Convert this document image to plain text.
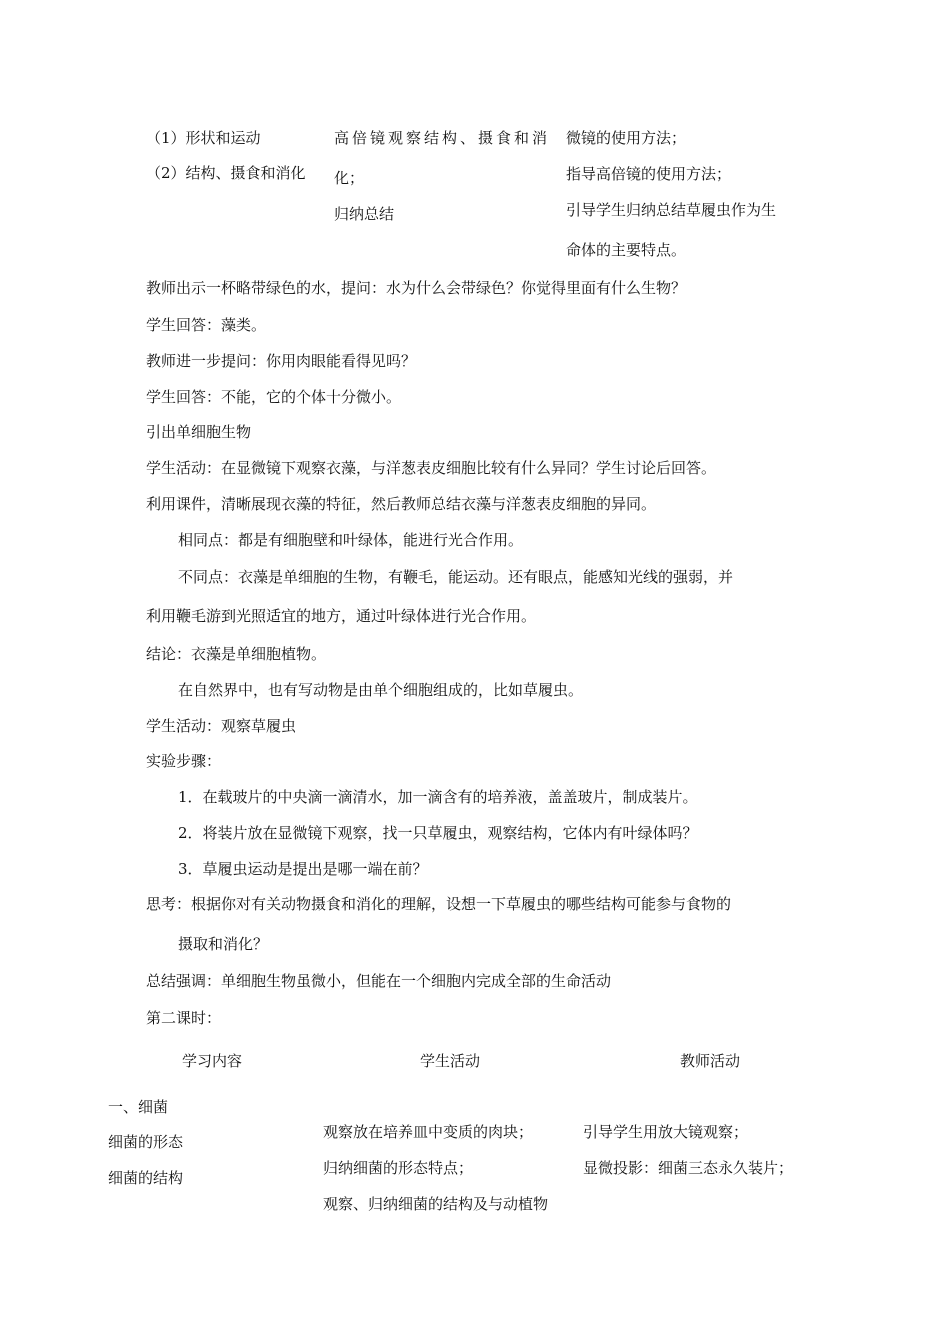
（1）形状和运动
（2）结构、摄食和消化
高倍镜观察结构、摄食和消
化；
归纳总结
微镜的使用方法；
指导高倍镜的使用方法；
引导学生归纳总结草履虫作为生
命体的主要特点。
教师出示一杯略带绿色的水，提问：水为什么会带绿色？你觉得里面有什么生物？
学生回答：藻类。
教师进一步提问：你用肉眼能看得见吗？
学生回答：不能，它的个体十分微小。
引出单细胞生物
学生活动：在显微镜下观察衣藻，与洋葱表皮细胞比较有什么异同？学生讨论后回答。
利用课件，清晰展现衣藻的特征，然后教师总结衣藻与洋葱表皮细胞的异同。
相同点：都是有细胞壁和叶绿体，能进行光合作用。
不同点：衣藻是单细胞的生物，有鞭毛，能运动。还有眼点，能感知光线的强弱，并
利用鞭毛游到光照适宜的地方，通过叶绿体进行光合作用。
结论：衣藻是单细胞植物。
在自然界中，也有写动物是由单个细胞组成的，比如草履虫。
学生活动：观察草履虫
实验步骤：
1．在载玻片的中央滴一滴清水，加一滴含有的培养液，盖盖玻片，制成装片。
2．将装片放在显微镜下观察，找一只草履虫，观察结构，它体内有叶绿体吗？
3．草履虫运动是提出是哪一端在前？
思考：根据你对有关动物摄食和消化的理解，设想一下草履虫的哪些结构可能参与食物的
摄取和消化？
总结强调：单细胞生物虽微小，但能在一个细胞内完成全部的生命活动
第二课时：
学习内容	学生活动	教师活动
一、细菌
细菌的形态
细菌的结构
观察放在培养皿中变质的肉块；
归纳细菌的形态特点；
观察、归纳细菌的结构及与动植物
引导学生用放大镜观察；
显微投影：细菌三态永久装片；
